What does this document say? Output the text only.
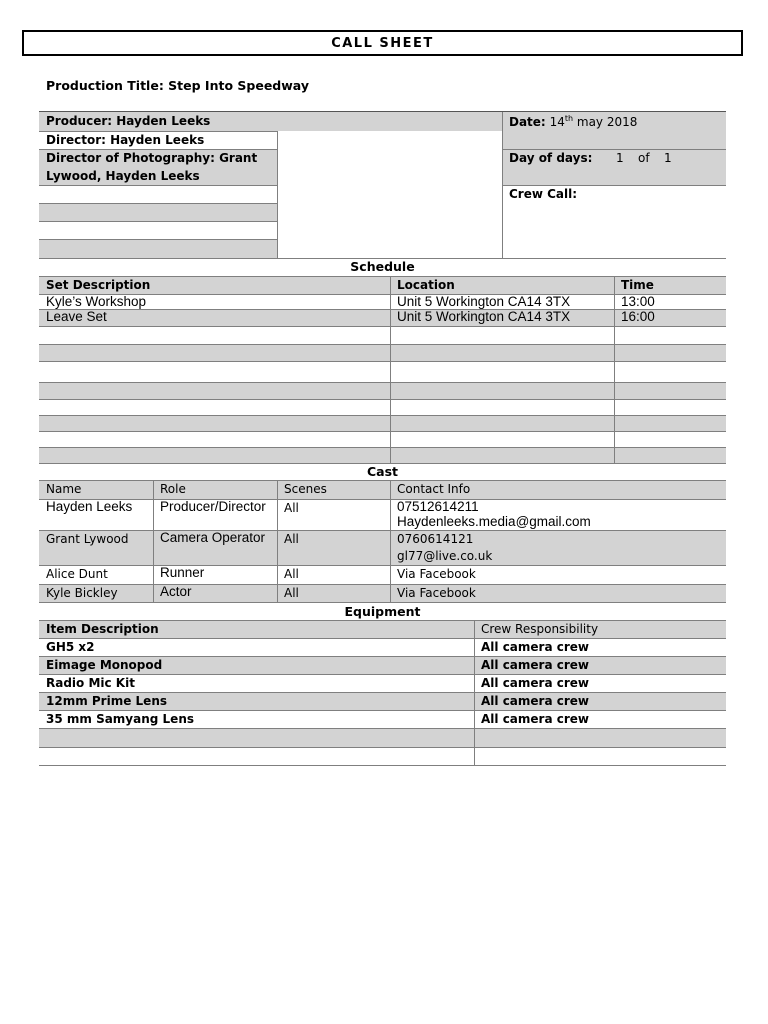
CALL SHEET
Production Title: Step Into Speedway
Producer: Hayden Leeks
Director: Hayden Leeks
Director of Photography: Grant
Lywood, Hayden Leeks
Date: 14th may 2018
Day of days:	1	of	1
Crew Call:
Schedule
Set Description	Location	Time
Kyle’s Workshop	Unit 5 Workington CA14 3TX	13:00
Leave Set	Unit 5 Workington CA14 3TX	16:00
Cast
Name	Role	Scenes	Contact Info
Hayden Leeks	Producer/Director	All	07512614211
Haydenleeks.media@gmail.com
Grant Lywood	Camera Operator	All	0760614121
gl77@live.co.uk
Alice Dunt	Runner	All	Via Facebook
Kyle Bickley	Actor	All	Via Facebook
Equipment
Item Description	Crew Responsibility
GH5 x2	All camera crew
Eimage Monopod	All camera crew
Radio Mic Kit	All camera crew
12mm Prime Lens	All camera crew
35 mm Samyang Lens	All camera crew
